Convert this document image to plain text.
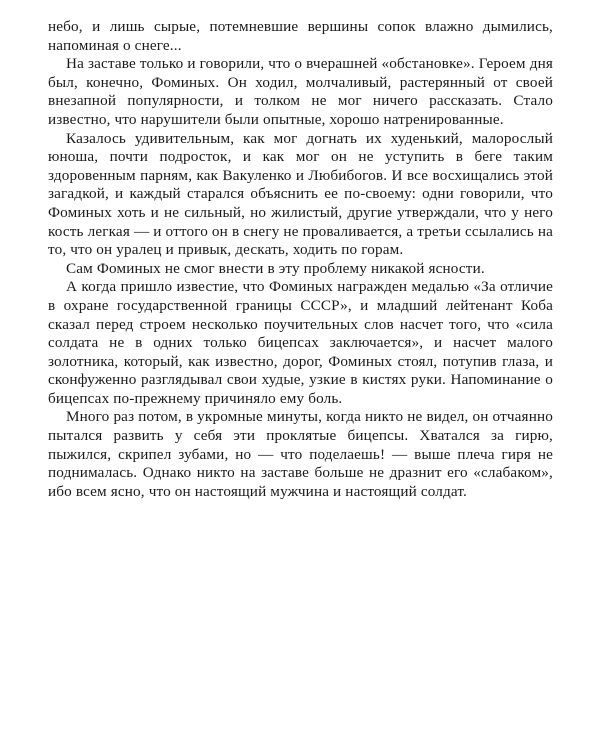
небо, и лишь сырые, потемневшие вершины сопок влажно дымились, напоминая о снеге...

На заставе только и говорили, что о вчерашней «обстановке». Героем дня был, конечно, Фоминых. Он ходил, молчаливый, растерянный от своей внезапной популярности, и толком не мог ничего рассказать. Стало известно, что нарушители были опытные, хорошо натренированные.

Казалось удивительным, как мог догнать их худенький, малорослый юноша, почти подросток, и как мог он не уступить в беге таким здоровенным парням, как Вакуленко и Любибогов. И все восхищались этой загадкой, и каждый старался объяснить ее по-своему: одни говорили, что Фоминых хоть и не сильный, но жилистый, другие утверждали, что у него кость легкая — и оттого он в снегу не проваливается, а третьи ссылались на то, что он уралец и привык, дескать, ходить по горам.

Сам Фоминых не смог внести в эту проблему никакой ясности.

А когда пришло известие, что Фоминых награжден медалью «За отличие в охране государственной границы СССР», и младший лейтенант Коба сказал перед строем несколько поучительных слов насчет того, что «сила солдата не в одних только бицепсах заключается», и насчет малого золотника, который, как известно, дорог, Фоминых стоял, потупив глаза, и сконфуженно разглядывал свои худые, узкие в кистях руки. Напоминание о бицепсах по-прежнему причиняло ему боль.

Много раз потом, в укромные минуты, когда никто не видел, он отчаянно пытался развить у себя эти проклятые бицепсы. Хватался за гирю, пыжился, скрипел зубами, но — что поделаешь! — выше плеча гиря не поднималась. Однако никто на заставе больше не дразнит его «слабаком», ибо всем ясно, что он настоящий мужчина и настоящий солдат.
